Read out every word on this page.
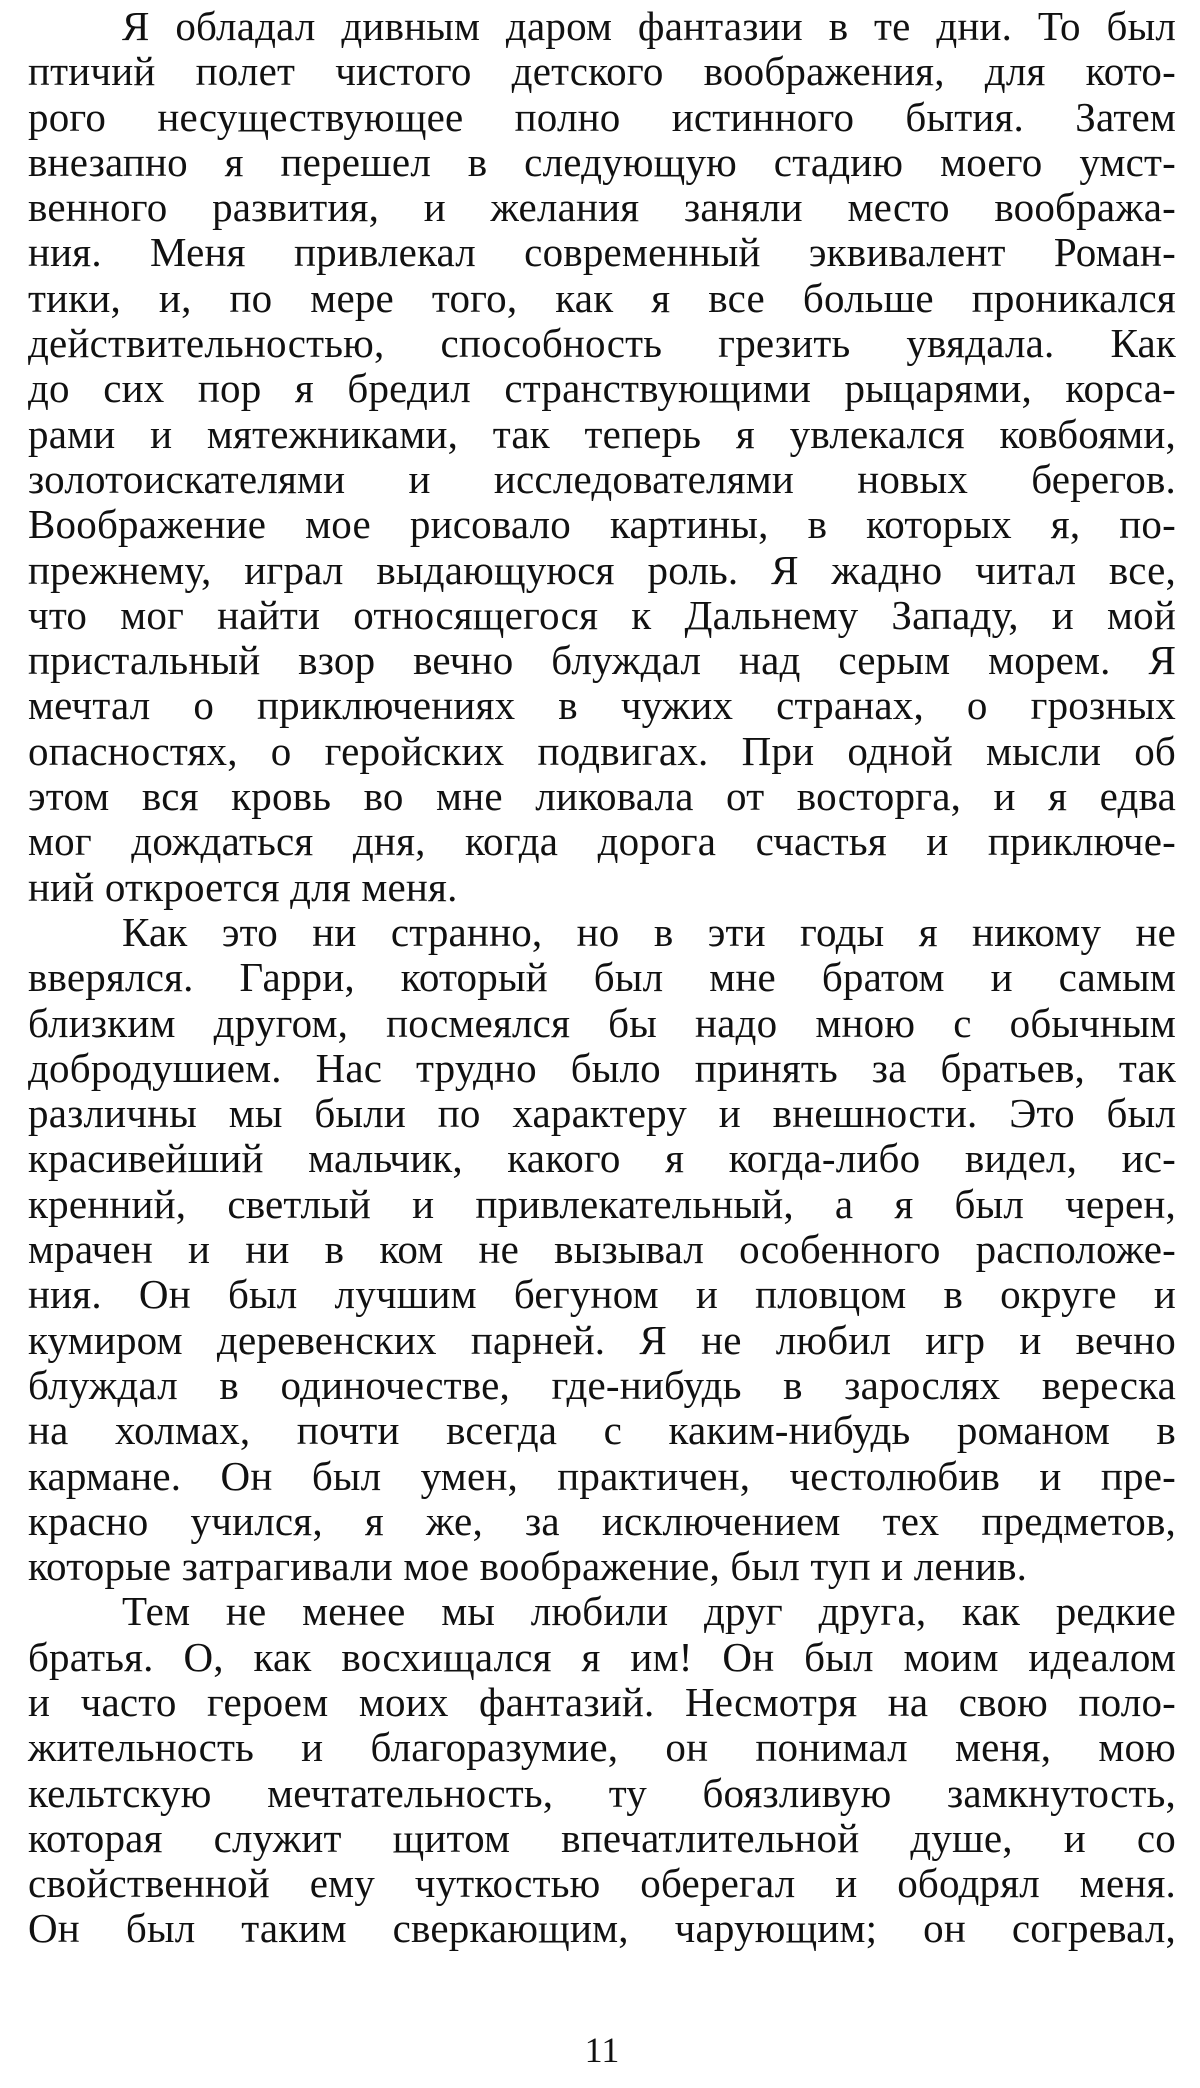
Я обладал дивным даром фантазии в те дни. То был
птичий полет чистого детского воображения, для кото-
рого несуществующее полно истинного бытия. Затем
внезапно я перешел в следующую стадию моего умст-
венного развития, и желания заняли место вообража-
ния. Меня привлекал современный эквивалент Роман-
тики, и, по мере того, как я все больше проникался
действительностью, способность грезить увядала. Как
до сих пор я бредил странствующими рыцарями, корса-
рами и мятежниками, так теперь я увлекался ковбоями,
золотоискателями и исследователями новых берегов.
Воображение мое рисовало картины, в которых я, по-
прежнему, играл выдающуюся роль. Я жадно читал все,
что мог найти относящегося к Дальнему Западу, и мой
пристальный взор вечно блуждал над серым морем. Я
мечтал о приключениях в чужих странах, о грозных
опасностях, о геройских подвигах. При одной мысли об
этом вся кровь во мне ликовала от восторга, и я едва
мог дождаться дня, когда дорога счастья и приключе-
ний откроется для меня.
Как это ни странно, но в эти годы я никому не
вверялся. Гарри, который был мне братом и самым
близким другом, посмеялся бы надо мною с обычным
добродушием. Нас трудно было принять за братьев, так
различны мы были по характеру и внешности. Это был
красивейший мальчик, какого я когда-либо видел, ис-
кренний, светлый и привлекательный, а я был черен,
мрачен и ни в ком не вызывал особенного расположе-
ния. Он был лучшим бегуном и пловцом в округе и
кумиром деревенских парней. Я не любил игр и вечно
блуждал в одиночестве, где-нибудь в зарослях вереска
на холмах, почти всегда с каким-нибудь романом в
кармане. Он был умен, практичен, честолюбив и пре-
красно учился, я же, за исключением тех предметов,
которые затрагивали мое воображение, был туп и ленив.
Тем не менее мы любили друг друга, как редкие
братья. О, как восхищался я им! Он был моим идеалом
и часто героем моих фантазий. Несмотря на свою поло-
жительность и благоразумие, он понимал меня, мою
кельтскую мечтательность, ту боязливую замкнутость,
которая служит щитом впечатлительной душе, и со
свойственной ему чуткостью оберегал и ободрял меня.
Он был таким сверкающим, чарующим; он согревал,
11
